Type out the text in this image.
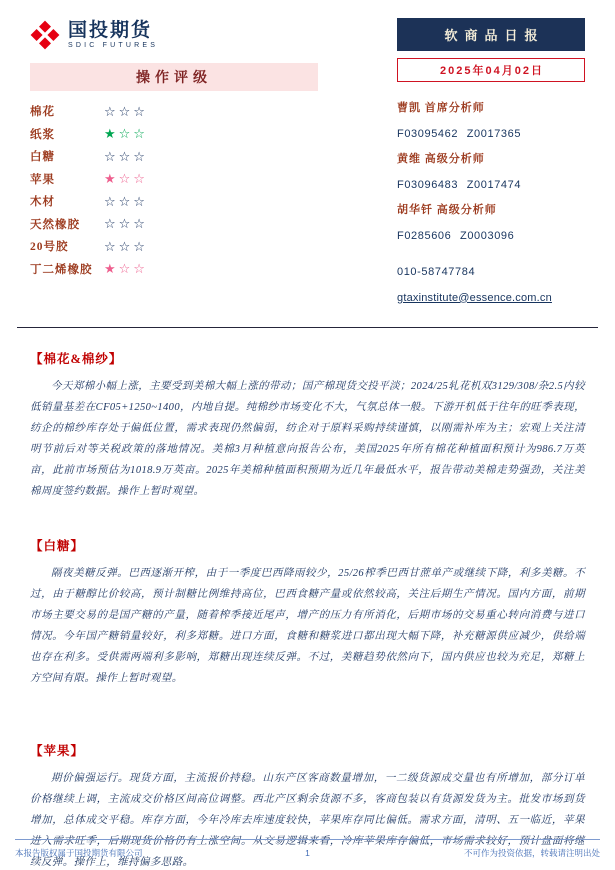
国投期货
SDIC FUTURES
操作评级
棉花	☆☆☆
纸浆	★☆☆
白糖	☆☆☆
苹果	★☆☆
木材	☆☆☆
天然橡胶	☆☆☆
20号胶	☆☆☆
丁二烯橡胶 ★☆☆
软商品日报
2025年04月02日
曹凯 首席分析师
F03095462 Z0017365
黄维 高级分析师
F03096483 Z0017474
胡华钎 高级分析师
F0285606 Z0003096
010-58747784
gtaxinstitute@essence.com.cn
【棉花&棉纱】

今天郑棉小幅上涨，主要受到美棉大幅上涨的带动；国产棉现货交投平淡；2024/25轧花机双3129/308/杂2.5内较低销量基差在CF05+1250~1400，内地自提。纯棉纱市场变化不大，气氛总体一般。下游开机低于往年的旺季表现，纺企的棉纱库存处于偏低位置，需求表现仍然偏弱，纺企对于原料采购持续谨慎，以刚需补库为主；宏观上关注清明节前后对等关税政策的落地情况。美棉3月种植意向报告公布，美国2025年所有棉花种植面积预计为986.7万英亩，此前市场预估为1018.9万英亩。2025年美棉种植面积预期为近几年最低水平，报告带动美棉走势强劲，关注美棉周度签约数据。操作上暂时观望。

【白糖】

隔夜美糖反弹。巴西逐渐开榨，由于一季度巴西降雨较少，25/26榨季巴西甘蔗单产或继续下降，利多美糖。不过，由于糖醇比价较高，预计制糖比例维持高位，巴西食糖产量或依然较高，关注后期生产情况。国内方面，前期市场主要交易的是国产糖的产量，随着榨季接近尾声，增产的压力有所消化，后期市场的交易重心转向消费与进口情况。今年国产糖销量较好，利多郑糖。进口方面，食糖和糖浆进口都出现大幅下降，补充糖源供应减少，供给端也存在利多。受供需两端利多影响，郑糖出现连续反弹。不过，美糖趋势依然向下，国内供应也较为充足，郑糖上方空间有限。操作上暂时观望。

【苹果】

期价偏强运行。现货方面，主流报价持稳。山东产区客商数量增加，一二级货源成交量也有所增加，部分订单价格继续上调，主流成交价格区间高位调整。西北产区剩余货源不多，客商包装以有货源发货为主。批发市场到货增加，总体成交平稳。库存方面，今年冷库去库速度较快，苹果库存同比偏低。需求方面，清明、五一临近，苹果进入需求旺季，后期现货价格仍有上涨空间。从交易逻辑来看，冷库苹果库存偏低，市场需求较好，预计盘面将继续反弹。操作上，维持偏多思路。

本报告版权属于国投期货有限公司	1	不可作为投资依据，转载请注明出处
